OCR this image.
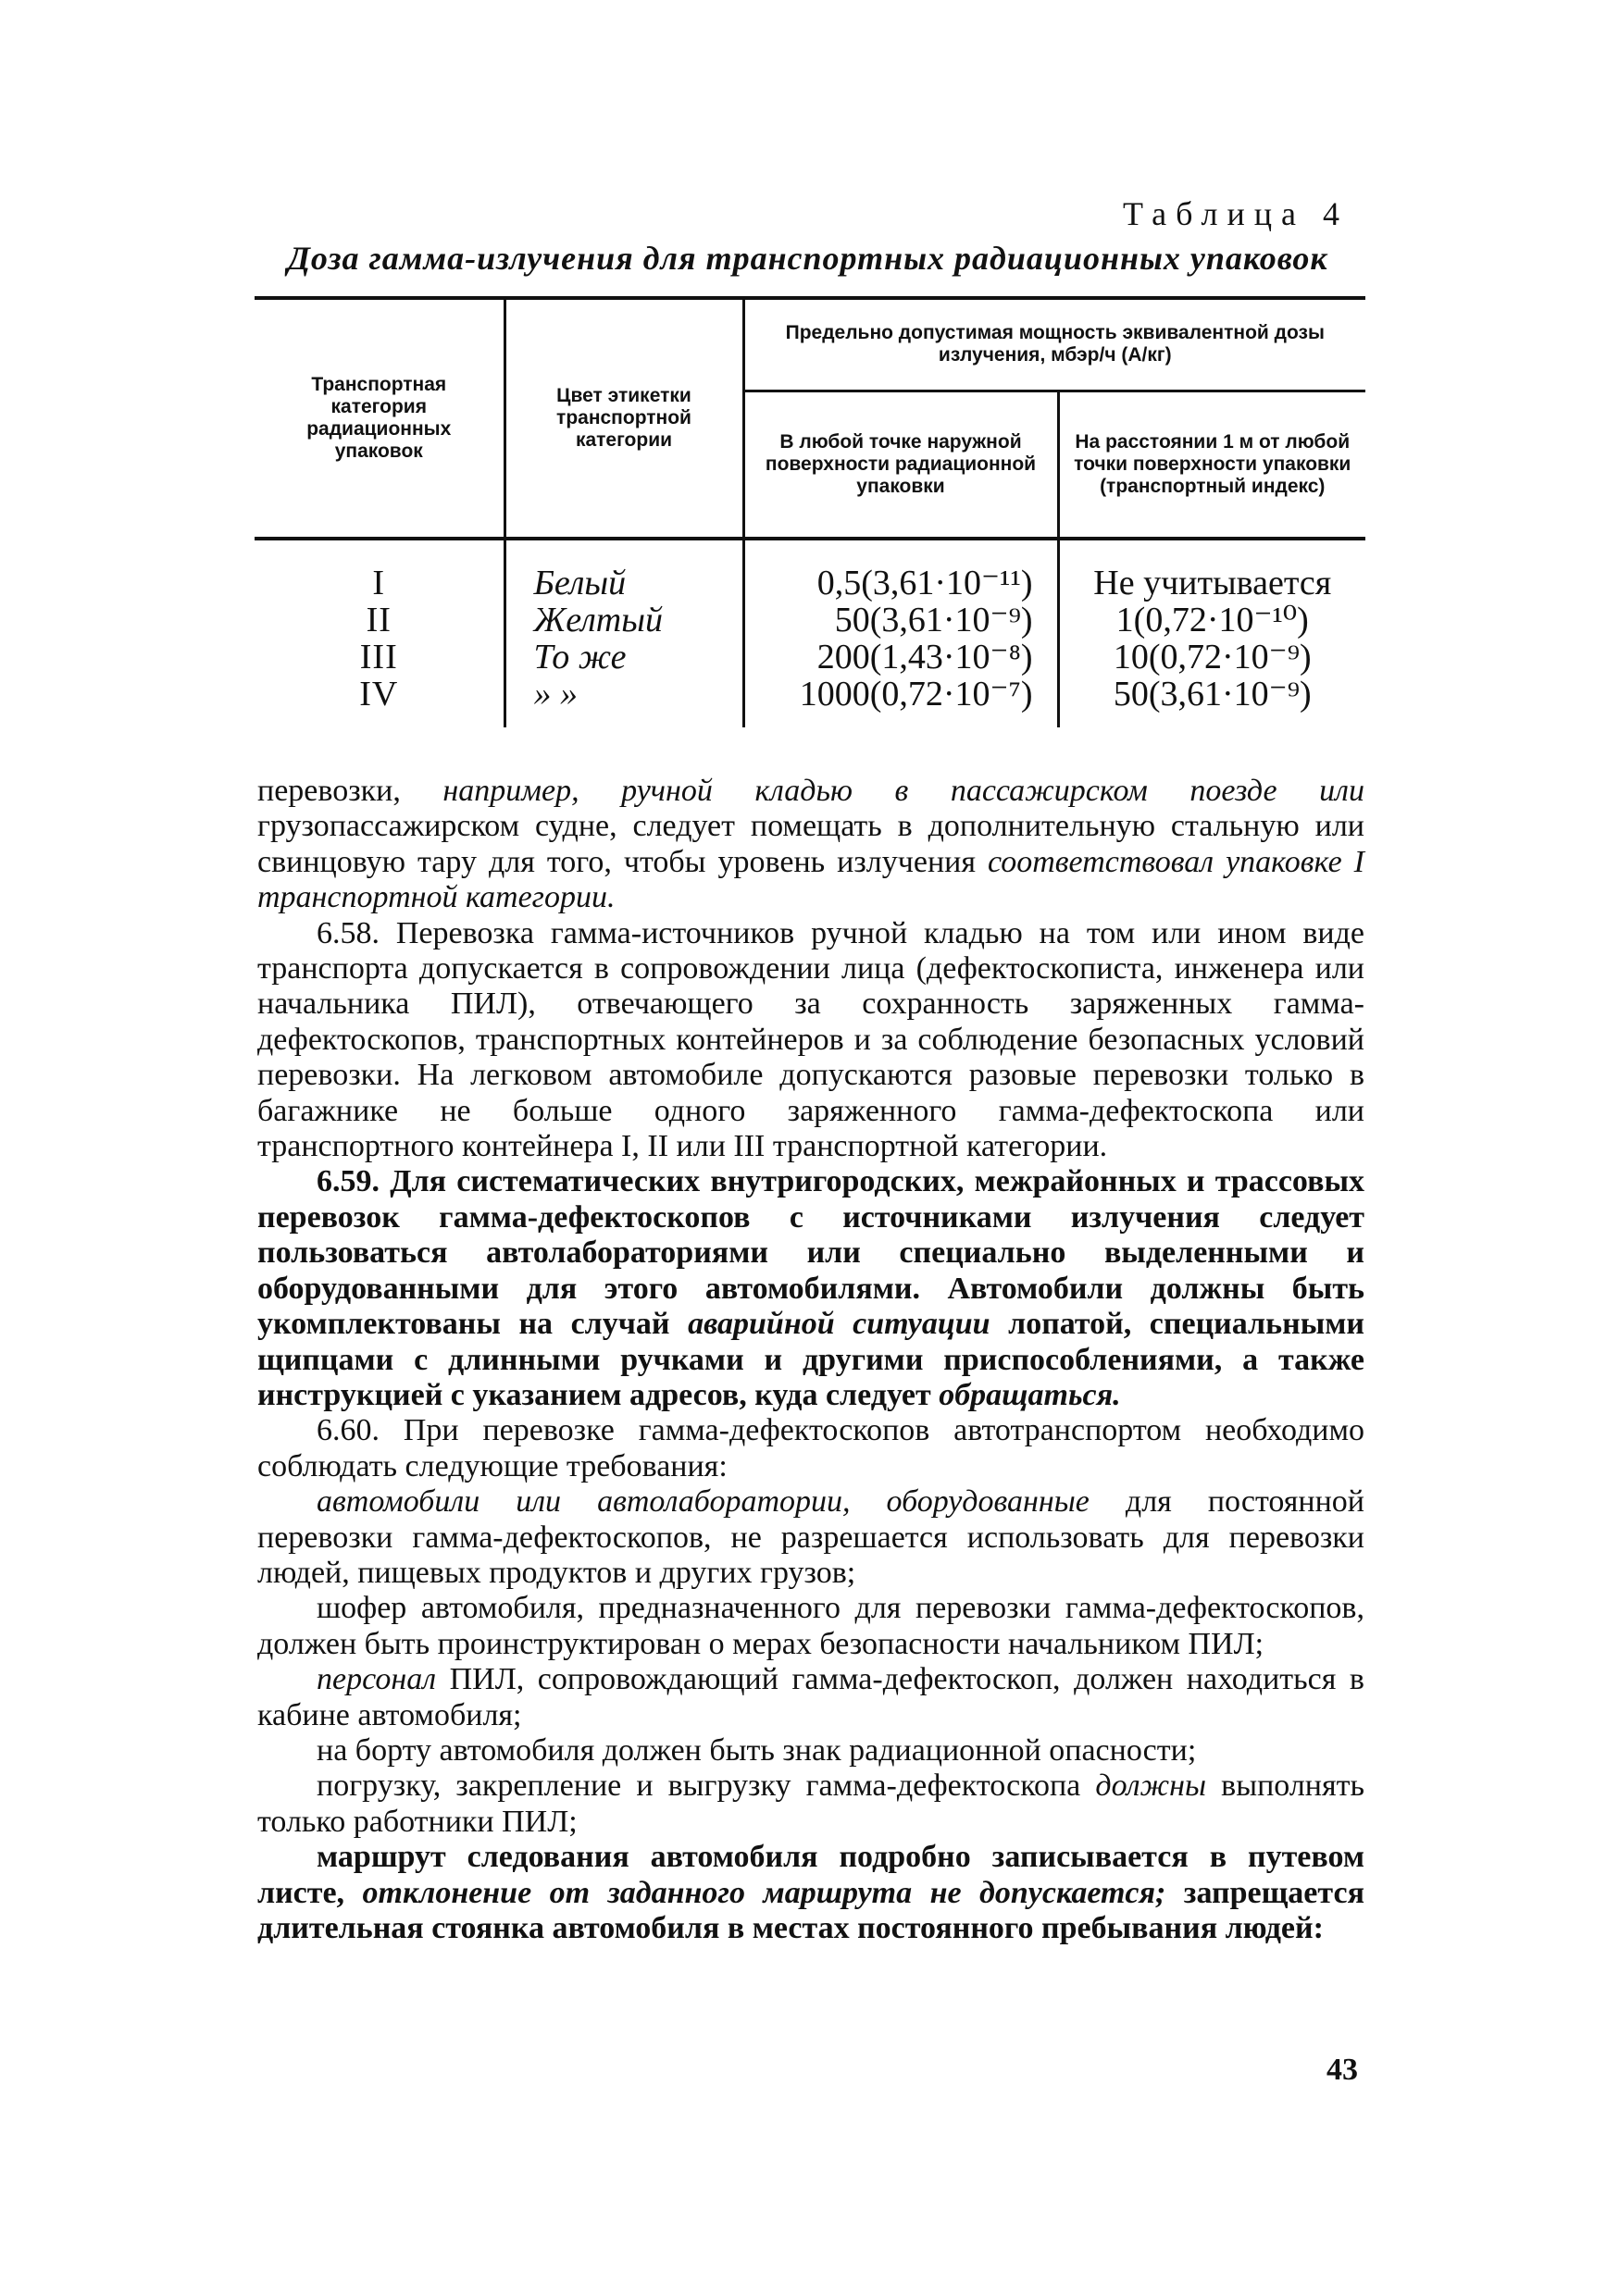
Таблица 4
Доза гамма-излучения для транспортных радиационных упаковок
Транспортная категория радиационных упаковок	Цвет этикетки транспортной категории	Предельно допустимая мощность эквивалентной дозы излучения, мбэр/ч (А/кг)	
		В любой точке наружной поверхности радиационной упаковки	На расстоянии 1 м от любой точки поверхности упаковки (транспортный индекс)
I	Белый	0,5(3,61·10⁻¹¹)	Не учитывается
II	Желтый	50(3,61·10⁻⁹)	1(0,72·10⁻¹⁰)
III	То же	200(1,43·10⁻⁸)	10(0,72·10⁻⁹)
IV	» »	1000(0,72·10⁻⁷)	50(3,61·10⁻⁹)

перевозки, например, ручной кладью в пассажирском поезде или грузопассажирском судне, следует помещать в дополнительную стальную или свинцовую тару для того, чтобы уровень излучения соответствовал упаковке I транспортной категории.

6.58. Перевозка гамма-источников ручной кладью на том или ином виде транспорта допускается в сопровождении лица (дефектоскописта, инженера или начальника ПИЛ), отвечающего за сохранность заряженных гамма-дефектоскопов, транспортных контейнеров и за соблюдение безопасных условий перевозки. На легковом автомобиле допускаются разовые перевозки только в багажнике не больше одного заряженного гамма-дефектоскопа или транспортного контейнера I, II или III транспортной категории.

6.59. Для систематических внутригородских, межрайонных и трассовых перевозок гамма-дефектоскопов с источниками излучения следует пользоваться автолабораториями или специально выделенными и оборудованными для этого автомобилями. Автомобили должны быть укомплектованы на случай аварийной ситуации лопатой, специальными щипцами с длинными ручками и другими приспособлениями, а также инструкцией с указанием адресов, куда следует обращаться.

6.60. При перевозке гамма-дефектоскопов автотранспортом необходимо соблюдать следующие требования:

автомобили или автолаборатории, оборудованные для постоянной перевозки гамма-дефектоскопов, не разрешается использовать для перевозки людей, пищевых продуктов и других грузов;

шофер автомобиля, предназначенного для перевозки гамма-дефектоскопов, должен быть проинструктирован о мерах безопасности начальником ПИЛ;

персонал ПИЛ, сопровождающий гамма-дефектоскоп, должен находиться в кабине автомобиля;

на борту автомобиля должен быть знак радиационной опасности;

погрузку, закрепление и выгрузку гамма-дефектоскопа должны выполнять только работники ПИЛ;

маршрут следования автомобиля подробно записывается в путевом листе, отклонение от заданного маршрута не допускается; запрещается длительная стоянка автомобиля в местах постоянного пребывания людей:

43
